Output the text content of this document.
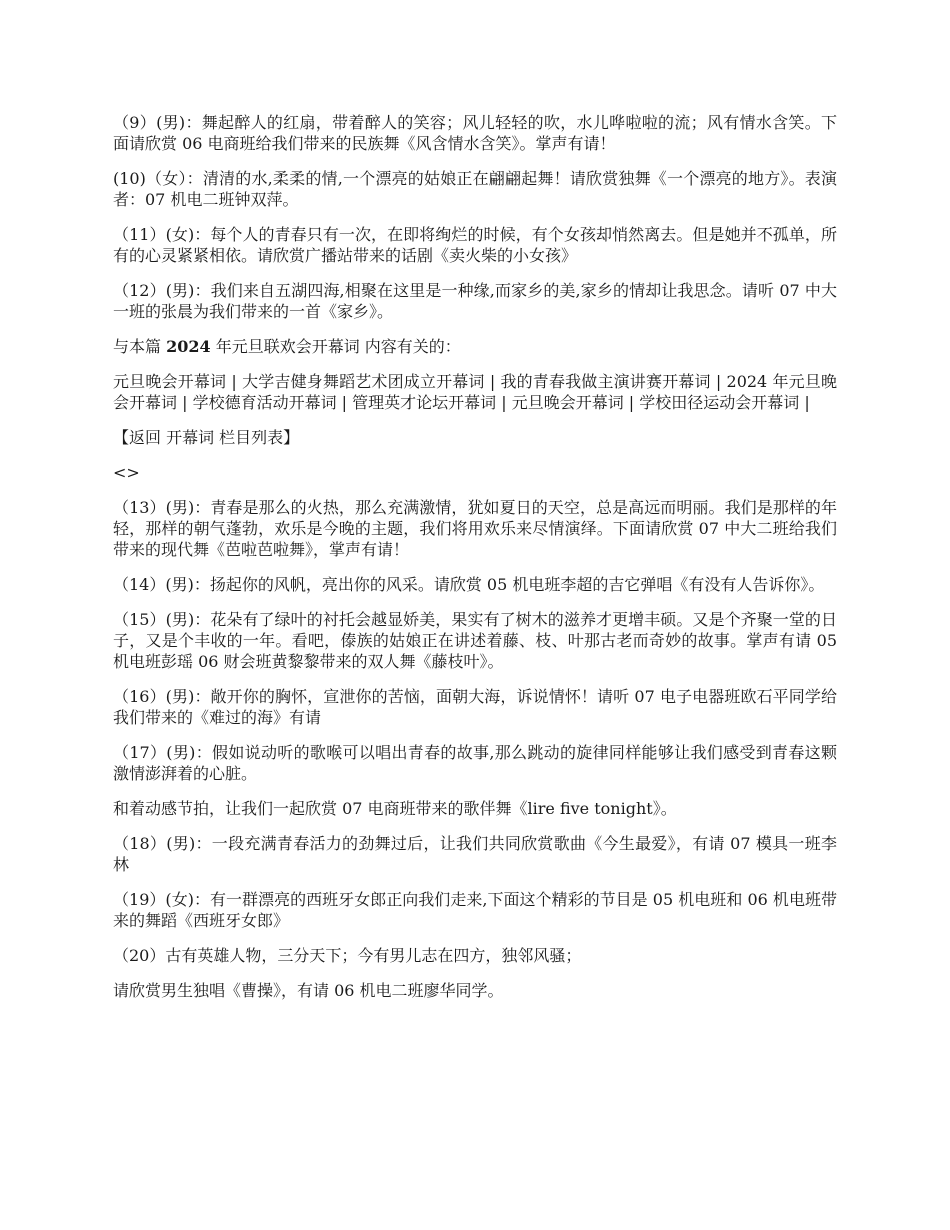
（9）(男)：舞起醉人的红扇，带着醉人的笑容；风儿轻轻的吹，水儿哗啦啦的流；风有情水含笑。下面请欣赏 06 电商班给我们带来的民族舞《风含情水含笑》。掌声有请！

(10)（女）：清清的水,柔柔的情,一个漂亮的姑娘正在翩翩起舞！请欣赏独舞《一个漂亮的地方》。表演者：07 机电二班钟双萍。

（11）(女)：每个人的青春只有一次，在即将绚烂的时候，有个女孩却悄然离去。但是她并不孤单，所有的心灵紧紧相依。请欣赏广播站带来的话剧《卖火柴的小女孩》

（12）(男)：我们来自五湖四海,相聚在这里是一种缘,而家乡的美,家乡的情却让我思念。请听 07 中大一班的张晨为我们带来的一首《家乡》。

与本篇 2024 年元旦联欢会开幕词 内容有关的：

元旦晚会开幕词 | 大学吉健身舞蹈艺术团成立开幕词 | 我的青春我做主演讲赛开幕词 | 2024 年元旦晚会开幕词 | 学校德育活动开幕词 | 管理英才论坛开幕词 | 元旦晚会开幕词 | 学校田径运动会开幕词 |

【返回 开幕词 栏目列表】

<>

（13）(男)：青春是那么的火热，那么充满激情，犹如夏日的天空，总是高远而明丽。我们是那样的年轻，那样的朝气蓬勃，欢乐是今晚的主题，我们将用欢乐来尽情演绎。下面请欣赏 07 中大二班给我们带来的现代舞《芭啦芭啦舞》，掌声有请！

（14）(男)：扬起你的风帆，亮出你的风采。请欣赏 05 机电班李超的吉它弹唱《有没有人告诉你》。

（15）(男)：花朵有了绿叶的衬托会越显娇美，果实有了树木的滋养才更增丰硕。又是个齐聚一堂的日子，又是个丰收的一年。看吧，傣族的姑娘正在讲述着藤、枝、叶那古老而奇妙的故事。掌声有请 05 机电班彭瑶 06 财会班黄黎黎带来的双人舞《藤枝叶》。

（16）(男)：敞开你的胸怀，宣泄你的苦恼，面朝大海，诉说情怀！请听 07 电子电器班欧石平同学给我们带来的《难过的海》有请

（17）(男)：假如说动听的歌喉可以唱出青春的故事,那么跳动的旋律同样能够让我们感受到青春这颗激情澎湃着的心脏。

和着动感节拍，让我们一起欣赏 07 电商班带来的歌伴舞《lire five tonight》。

（18）(男)：一段充满青春活力的劲舞过后，让我们共同欣赏歌曲《今生最爱》，有请 07 模具一班李林

（19）(女)：有一群漂亮的西班牙女郎正向我们走来,下面这个精彩的节目是 05 机电班和 06 机电班带来的舞蹈《西班牙女郎》

（20）古有英雄人物，三分天下；今有男儿志在四方，独邻风骚；

请欣赏男生独唱《曹操》，有请 06 机电二班廖华同学。
